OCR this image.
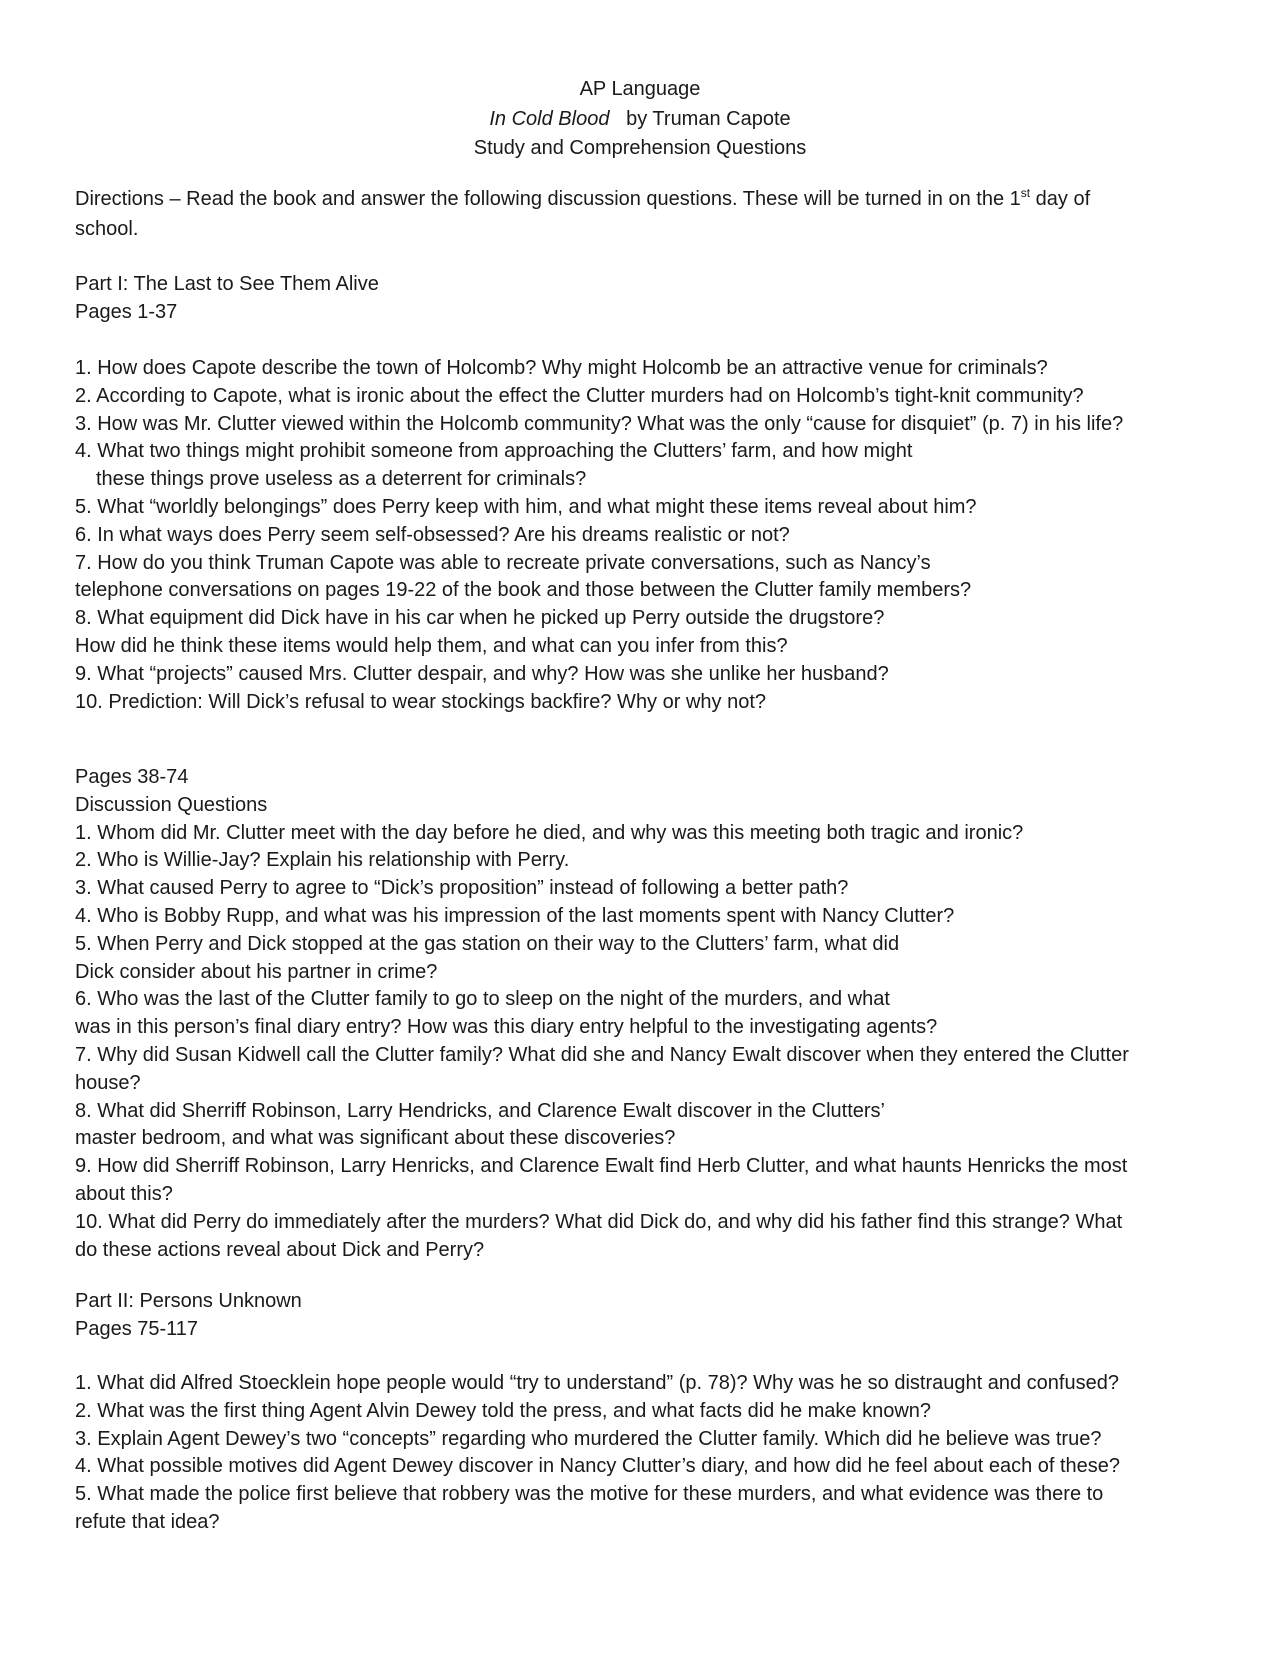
AP Language
In Cold Blood by Truman Capote
Study and Comprehension Questions
Directions – Read the book and answer the following discussion questions. These will be turned in on the 1st day of school.
Part I: The Last to See Them Alive
Pages 1-37
1. How does Capote describe the town of Holcomb? Why might Holcomb be an attractive venue for criminals?
2. According to Capote, what is ironic about the effect the Clutter murders had on Holcomb’s tight-knit community?
3. How was Mr. Clutter viewed within the Holcomb community? What was the only “cause for disquiet” (p. 7) in his life?
4. What two things might prohibit someone from approaching the Clutters’ farm, and how might
these things prove useless as a deterrent for criminals?
5. What “worldly belongings” does Perry keep with him, and what might these items reveal about him?
6. In what ways does Perry seem self-obsessed? Are his dreams realistic or not?
7. How do you think Truman Capote was able to recreate private conversations, such as Nancy’s
telephone conversations on pages 19-22 of the book and those between the Clutter family members?
8. What equipment did Dick have in his car when he picked up Perry outside the drugstore?
How did he think these items would help them, and what can you infer from this?
9. What “projects” caused Mrs. Clutter despair, and why? How was she unlike her husband?
10. Prediction: Will Dick’s refusal to wear stockings backfire? Why or why not?
Pages 38-74
Discussion Questions
1. Whom did Mr. Clutter meet with the day before he died, and why was this meeting both tragic and ironic?
2. Who is Willie-Jay? Explain his relationship with Perry.
3. What caused Perry to agree to “Dick’s proposition” instead of following a better path?
4. Who is Bobby Rupp, and what was his impression of the last moments spent with Nancy Clutter?
5. When Perry and Dick stopped at the gas station on their way to the Clutters’ farm, what did
Dick consider about his partner in crime?
6. Who was the last of the Clutter family to go to sleep on the night of the murders, and what
was in this person’s final diary entry? How was this diary entry helpful to the investigating agents?
7. Why did Susan Kidwell call the Clutter family? What did she and Nancy Ewalt discover when they entered the Clutter
house?
8. What did Sherriff Robinson, Larry Hendricks, and Clarence Ewalt discover in the Clutters’
master bedroom, and what was significant about these discoveries?
9. How did Sherriff Robinson, Larry Henricks, and Clarence Ewalt find Herb Clutter, and what haunts Henricks the most
about this?
10. What did Perry do immediately after the murders? What did Dick do, and why did his father find this strange? What
do these actions reveal about Dick and Perry?
Part II: Persons Unknown
Pages 75-117
1. What did Alfred Stoecklein hope people would “try to understand” (p. 78)? Why was he so distraught and confused?
2. What was the first thing Agent Alvin Dewey told the press, and what facts did he make known?
3. Explain Agent Dewey’s two “concepts” regarding who murdered the Clutter family. Which did he believe was true?
4. What possible motives did Agent Dewey discover in Nancy Clutter’s diary, and how did he feel about each of these?
5. What made the police first believe that robbery was the motive for these murders, and what evidence was there to
refute that idea?
